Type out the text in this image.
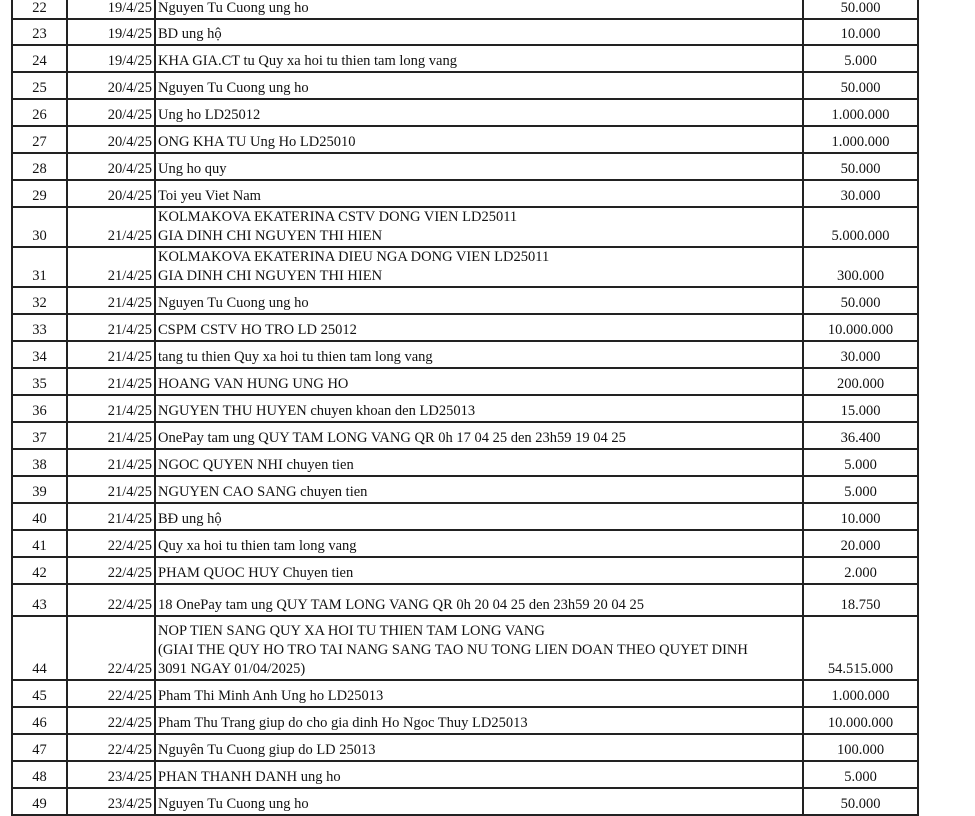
22	19/4/25	Nguyen Tu Cuong ung ho	50.000
23	19/4/25	BD ung hộ	10.000
24	19/4/25	KHA GIA.CT tu Quy xa hoi tu thien tam long vang	5.000
25	20/4/25	Nguyen Tu Cuong ung ho	50.000
26	20/4/25	Ung ho LD25012	1.000.000
27	20/4/25	ONG KHA TU Ung Ho LD25010	1.000.000
28	20/4/25	Ung ho quy	50.000
29	20/4/25	Toi yeu Viet Nam	30.000
30	21/4/25	KOLMAKOVA EKATERINA CSTV DONG VIEN LD25011
GIA DINH CHI NGUYEN THI HIEN	5.000.000
31	21/4/25	KOLMAKOVA EKATERINA DIEU NGA DONG VIEN LD25011
GIA DINH CHI NGUYEN THI HIEN	300.000
32	21/4/25	Nguyen Tu Cuong ung ho	50.000
33	21/4/25	CSPM CSTV HO TRO LD 25012	10.000.000
34	21/4/25	tang tu thien Quy xa hoi tu thien tam long vang	30.000
35	21/4/25	HOANG VAN HUNG UNG HO	200.000
36	21/4/25	NGUYEN THU HUYEN chuyen khoan den LD25013	15.000
37	21/4/25	OnePay tam ung QUY TAM LONG VANG QR 0h 17 04 25 den 23h59 19 04 25	36.400
38	21/4/25	NGOC QUYEN NHI chuyen tien	5.000
39	21/4/25	NGUYEN CAO SANG chuyen tien	5.000
40	21/4/25	BĐ ung hộ	10.000
41	22/4/25	Quy xa hoi tu thien tam long vang	20.000
42	22/4/25	PHAM QUOC HUY Chuyen tien	2.000
43	22/4/25	18 OnePay tam ung QUY TAM LONG VANG QR 0h 20 04 25 den 23h59 20 04 25	18.750
44	22/4/25	NOP TIEN SANG QUY XA HOI TU THIEN TAM LONG VANG
(GIAI THE QUY HO TRO TAI NANG SANG TAO NU TONG LIEN DOAN THEO QUYET DINH
3091 NGAY 01/04/2025)	54.515.000
45	22/4/25	Pham Thi Minh Anh Ung ho LD25013	1.000.000
46	22/4/25	Pham Thu Trang giup do cho gia dinh Ho Ngoc Thuy LD25013	10.000.000
47	22/4/25	Nguyên Tu Cuong giup do LD 25013	100.000
48	23/4/25	PHAN THANH DANH ung ho	5.000
49	23/4/25	Nguyen Tu Cuong ung ho	50.000
